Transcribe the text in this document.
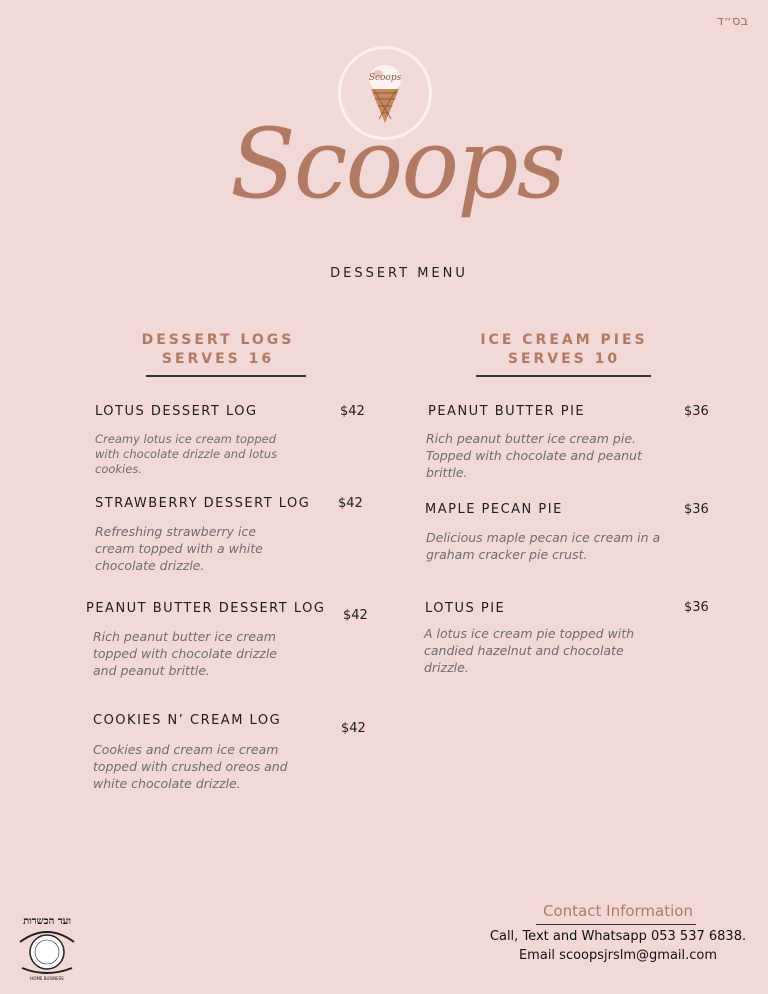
בס״ד
Scoops
Scoops
DESSERT MENU
DESSERT LOGS
SERVES 16
LOTUS DESSERT LOG	$42
Creamy lotus ice cream topped with chocolate drizzle and lotus cookies.
STRAWBERRY DESSERT LOG $42
Refreshing strawberry ice cream topped with a white chocolate drizzle.
PEANUT BUTTER DESSERT LOG $42
Rich peanut butter ice cream topped with chocolate drizzle and peanut brittle.
COOKIES N’ CREAM LOG
$42
Cookies and cream ice cream topped with crushed oreos and white chocolate drizzle.
ICE CREAM PIES
SERVES 10
PEANUT BUTTER PIE	$36
Rich peanut butter ice cream pie. Topped with chocolate and peanut brittle.
MAPLE PECAN PIE	$36
Delicious maple pecan ice cream in a graham cracker pie crust.
LOTUS PIE	$36
A lotus ice cream pie topped with candied hazelnut and chocolate drizzle.
ועד הכשרות
HOME BUSINESS
Contact Information
Call, Text and Whatsapp 053 537 6838.
Email scoopsjrslm@gmail.com
